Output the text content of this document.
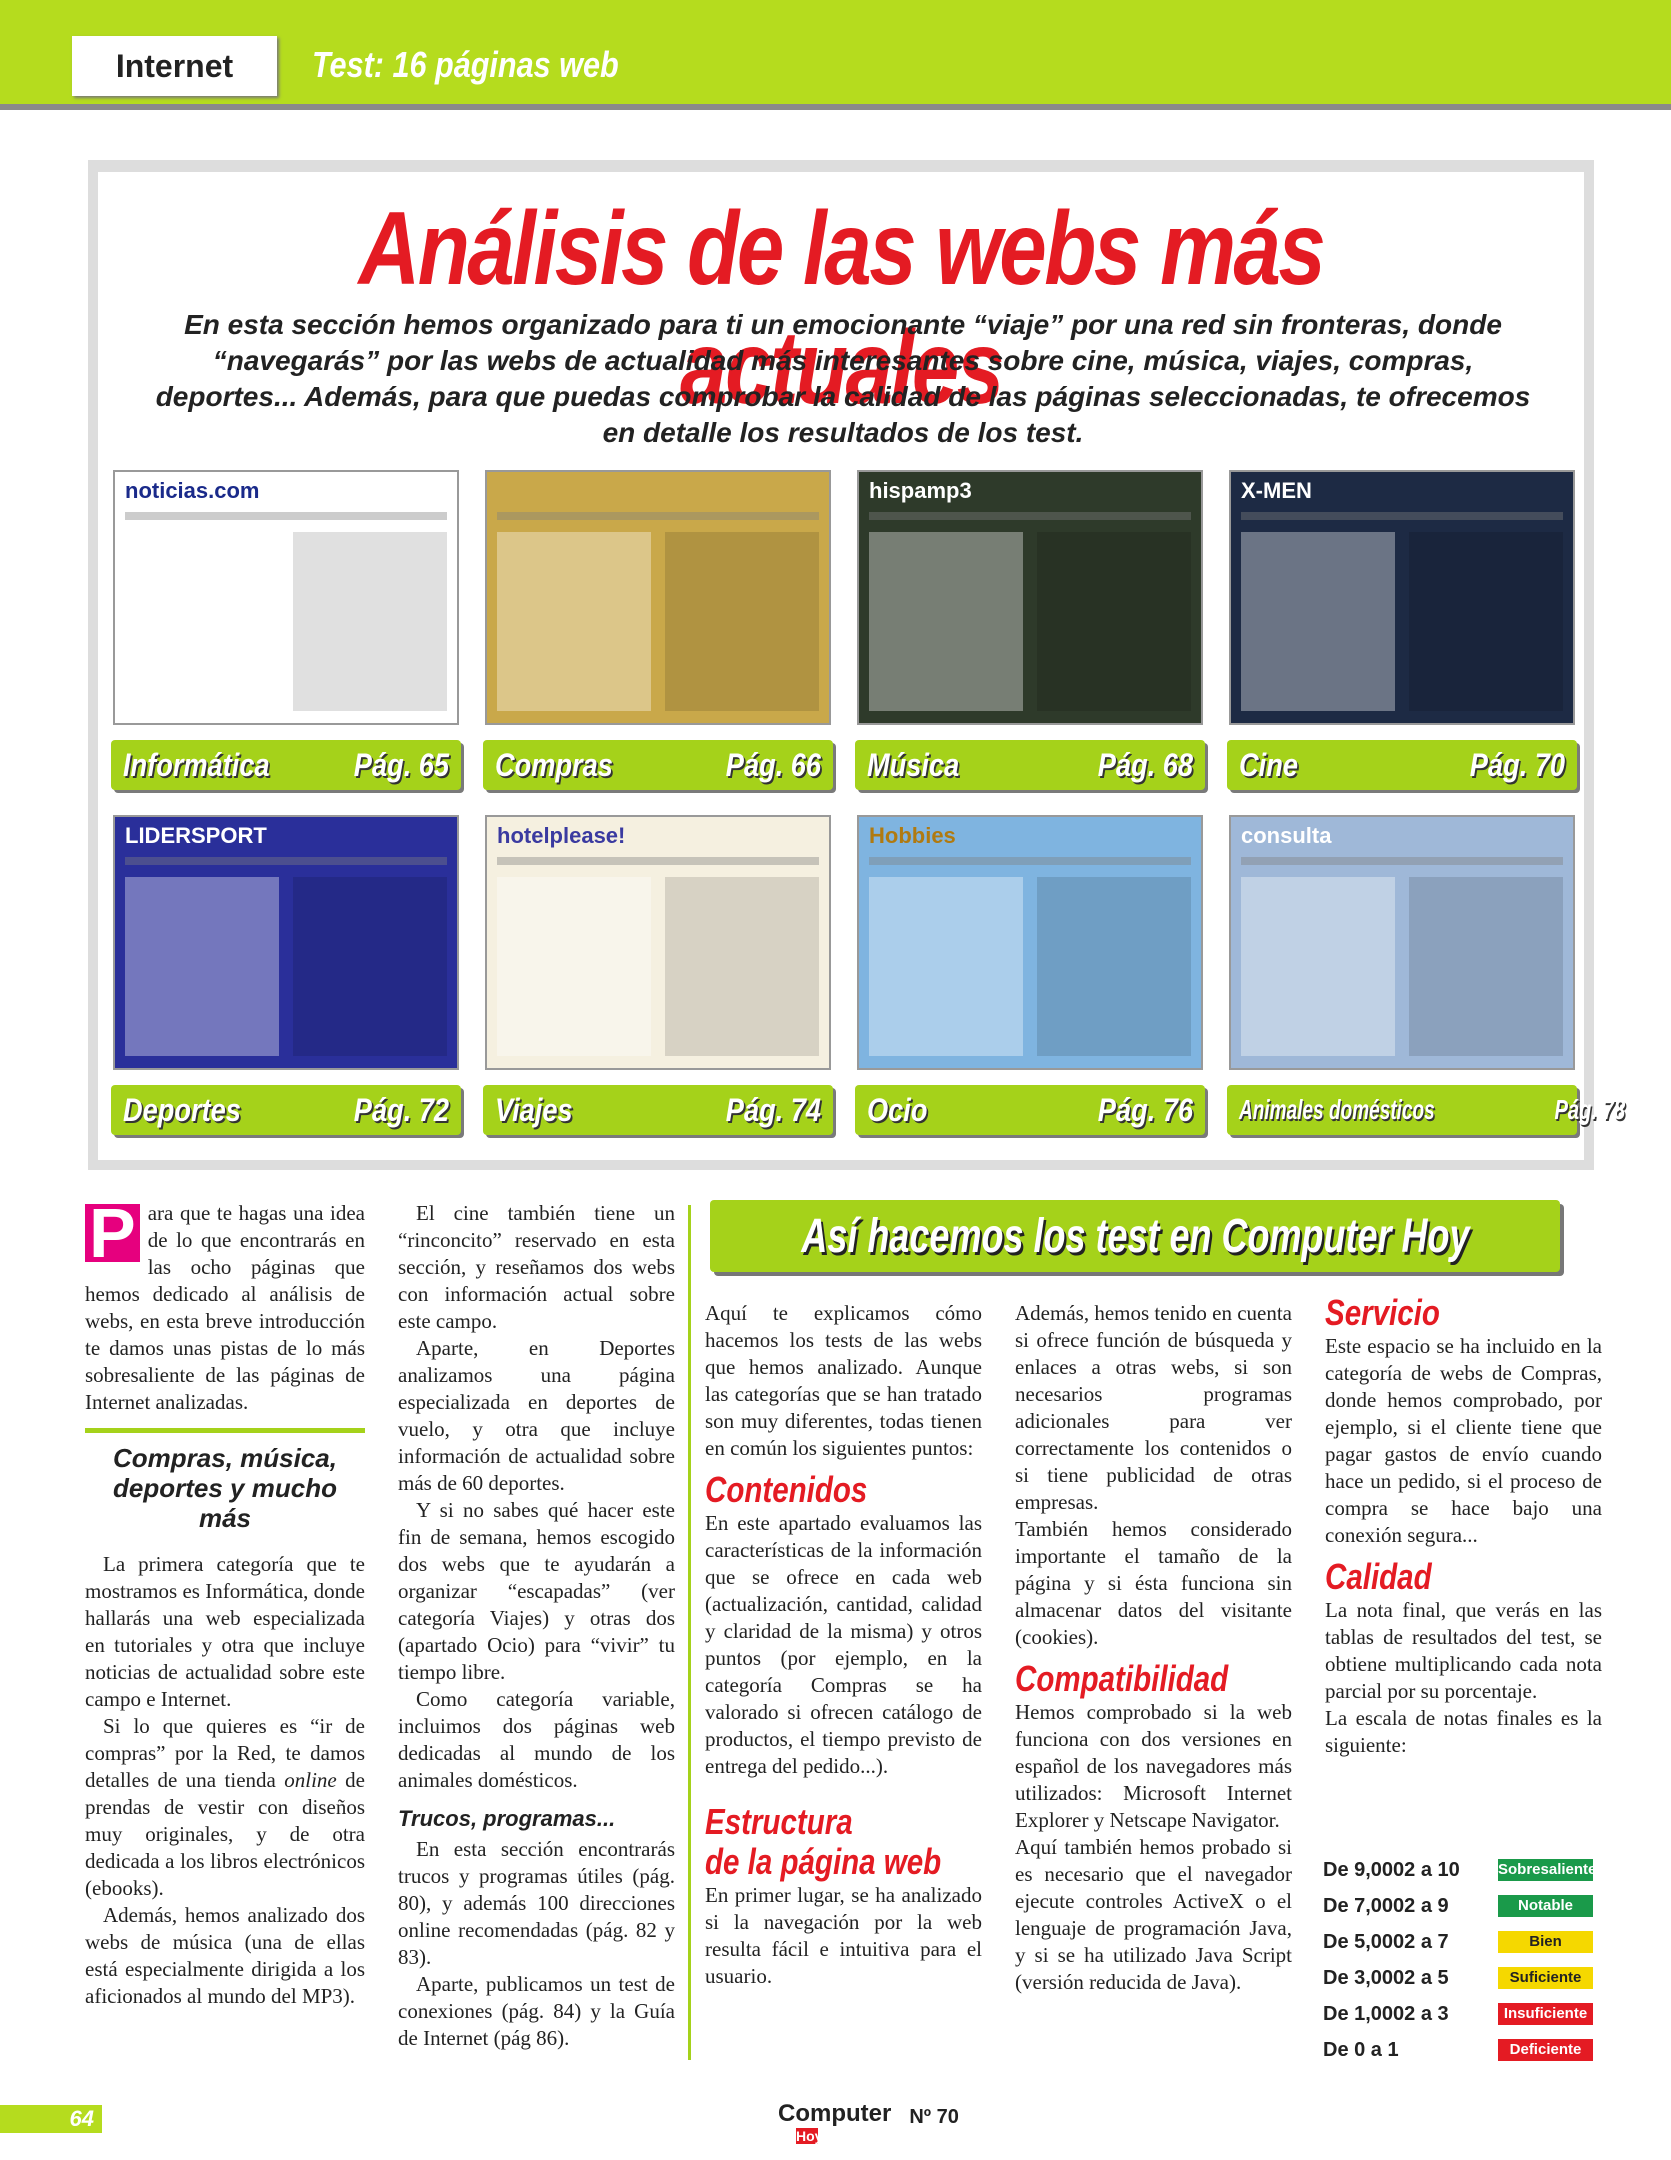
Internet	Test: 16 páginas web
Análisis de las webs más actuales
En esta sección hemos organizado para ti un emocionante “viaje” por una red sin fronteras, donde “navegarás” por las webs de actualidad más interesantes sobre cine, música, viajes, compras, deportes... Además, para que puedas comprobar la calidad de las páginas seleccionadas, te ofrecemos en detalle los resultados de los test.
noticias.com
Informática	Pág. 65 Compras	Pág. 66
hispamp3
Música	Pág. 68
X-MEN
Cine	Pág. 70
LIDERSPORT
Deportes	Pág. 72
hotelplease!
Viajes	Pág. 74
Hobbies
Ocio	Pág. 76
consulta
Animales domésticos	Pág. 78

P ara que te hagas una idea de lo que encontrarás en las ocho páginas que hemos dedicado al análisis de webs, en esta breve introducción te damos unas pistas de lo más sobresaliente de las páginas de Internet analizadas.

Compras, música, deportes y mucho más

La primera categoría que te mostramos es Informática, donde hallarás una web especializada en tutoriales y otra que incluye noticias de actualidad sobre este campo e Internet.

Si lo que quieres es “ir de compras” por la Red, te damos detalles de una tienda online de prendas de vestir con diseños muy originales, y de otra dedicada a los libros electrónicos (ebooks).

Además, hemos analizado dos webs de música (una de ellas está especialmente dirigida a los aficionados al mundo del MP3).

El cine también tiene un “rinconcito” reservado en esta sección, y reseñamos dos webs con información actual sobre este campo.

Aparte, en Deportes analizamos una página especializada en deportes de vuelo, y otra que incluye información de actualidad sobre más de 60 deportes.

Y si no sabes qué hacer este fin de semana, hemos escogido dos webs que te ayudarán a organizar “escapadas” (ver categoría Viajes) y otras dos (apartado Ocio) para “vivir” tu tiempo libre.

Como categoría variable, incluimos dos páginas web dedicadas al mundo de los animales domésticos.

Trucos, programas...

En esta sección encontrarás trucos y programas útiles (pág. 80), y además 100 direcciones online recomendadas (pág. 82 y 83).

Aparte, publicamos un test de conexiones (pág. 84) y la Guía de Internet (pág 86).

Así hacemos los test en Computer Hoy

Aquí te explicamos cómo hacemos los tests de las webs que hemos analizado. Aunque las categorías que se han tratado son muy diferentes, todas tienen en común los siguientes puntos:

Contenidos

En este apartado evaluamos las características de la información que se ofrece en cada web (actualización, cantidad, calidad y claridad de la misma) y otros puntos (por ejemplo, en la categoría Compras se ha valorado si ofrecen catálogo de productos, el tiempo previsto de entrega del pedido...).

Estructura
de la página web

En primer lugar, se ha analizado si la navegación por la web resulta fácil e intuitiva para el usuario.

Además, hemos tenido en cuenta si ofrece función de búsqueda y enlaces a otras webs, si son necesarios programas adicionales para ver correctamente los contenidos o si tiene publicidad de otras empresas.

También hemos considerado importante el tamaño de la página y si ésta funciona sin almacenar datos del visitante (cookies).

Compatibilidad

Hemos comprobado si la web funciona con dos versiones en español de los navegadores más utilizados: Microsoft Internet Explorer y Netscape Navigator.

Aquí también hemos probado si es necesario que el navegador ejecute controles ActiveX o el lenguaje de programación Java, y si se ha utilizado Java Script (versión reducida de Java).

Servicio

Este espacio se ha incluido en la categoría de webs de Compras, donde hemos comprobado, por ejemplo, si el cliente tiene que pagar gastos de envío cuando hace un pedido, si el proceso de compra se hace bajo una conexión segura...

Calidad

La nota final, que verás en las tablas de resultados del test, se obtiene multiplicando cada nota parcial por su porcentaje.

La escala de notas finales es la siguiente:

De 9,0002 a 10	Sobresaliente
De 7,0002 a 9	Notable
De 5,0002 a 7	Bien
De 3,0002 a 5	Suficiente
De 1,0002 a 3	Insuficiente
De 0 a 1	Deficiente
64	Computer
Hoy
Nº 70
